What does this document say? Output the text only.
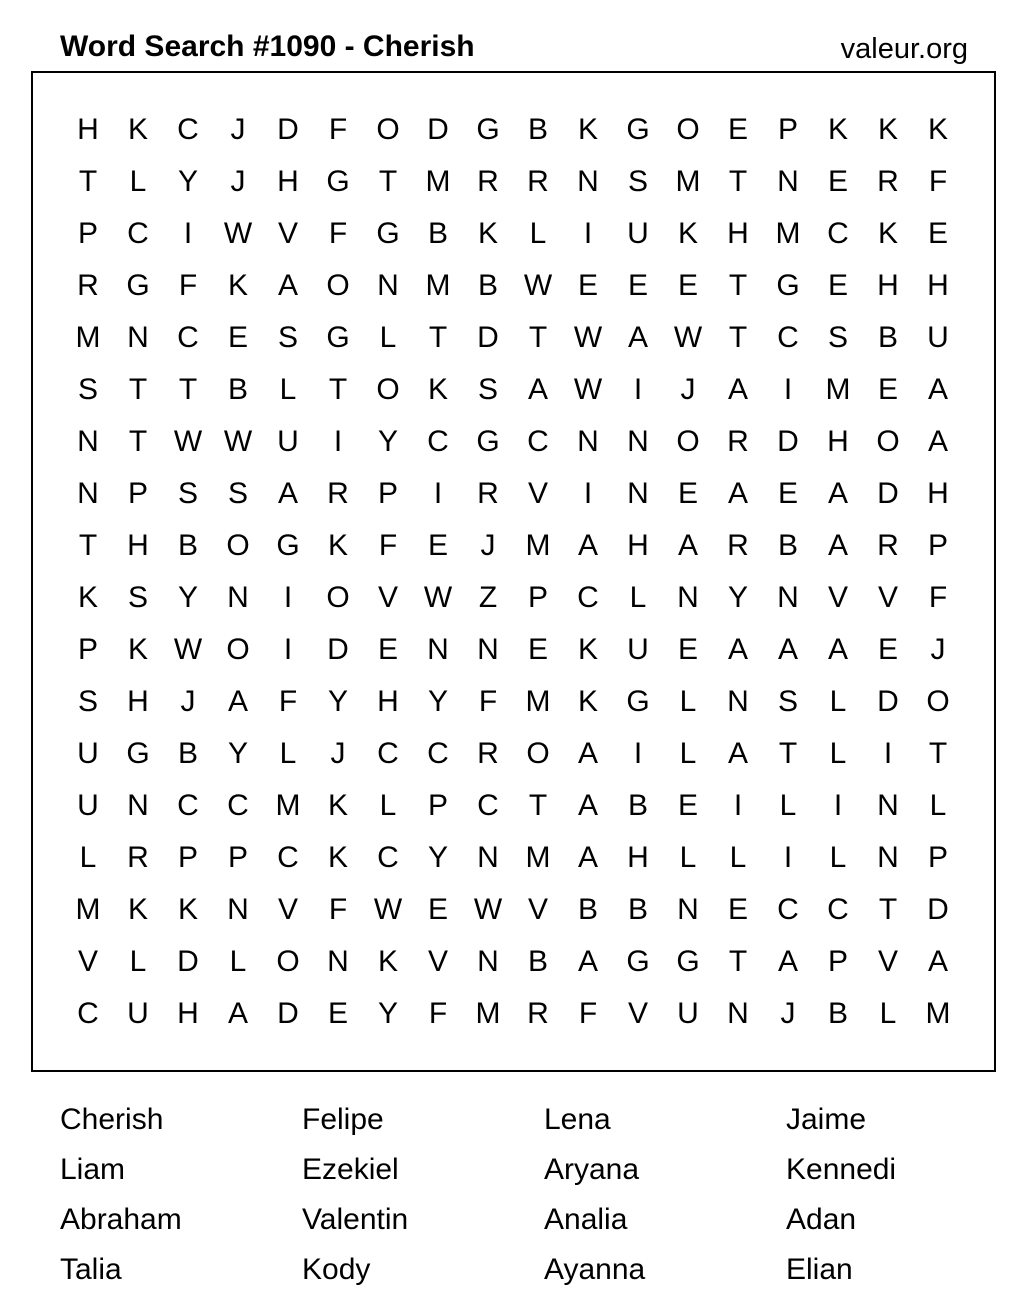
Word Search #1090 - Cherish	valeur.org
H K C	J	D	F O D G B K G O E P K K K
T	L	Y	J	H G T M R R N S M T	N E R	F
P C	I	W V	F G B K	L	I	U K H M C K E
R G F	K A O N M B W E E E	T G E H H
M N C E S G L	T	D	T W A W T	C S B U
S	T	T	B	L	T O K S A W	I	J	A	I	M E A
N	T W W U	I	Y C G C N N O R D H O A
N P S S A R P	I	R V	I	N E A E A D H
T	H B O G K	F	E	J	M A H A R B A R P
K S Y N	I	O V W Z	P C	L	N Y N V V	F
P K W O	I	D E N N E K U E A A A E	J
S H	J	A	F	Y H Y	F M K G L	N S	L	D O
U G B Y	L	J	C C R O A	I	L	A	T	L	I	T
U N C C M K	L	P C	T	A B E	I	L	I	N	L
L	R P P C K C Y N M A H	L	L	I	L	N P
M K K N V	F W E W V B B N E C C	T	D
V	L	D	L O N K V N B A G G T	A P V A
C U H A D E Y	F M R	F	V U N	J	B	L M
Cherish	Felipe	Lena	Jaime
Liam	Ezekiel	Aryana	Kennedi
Abraham	Valentin	Analia	Adan
Talia	Kody	Ayanna	Elian
